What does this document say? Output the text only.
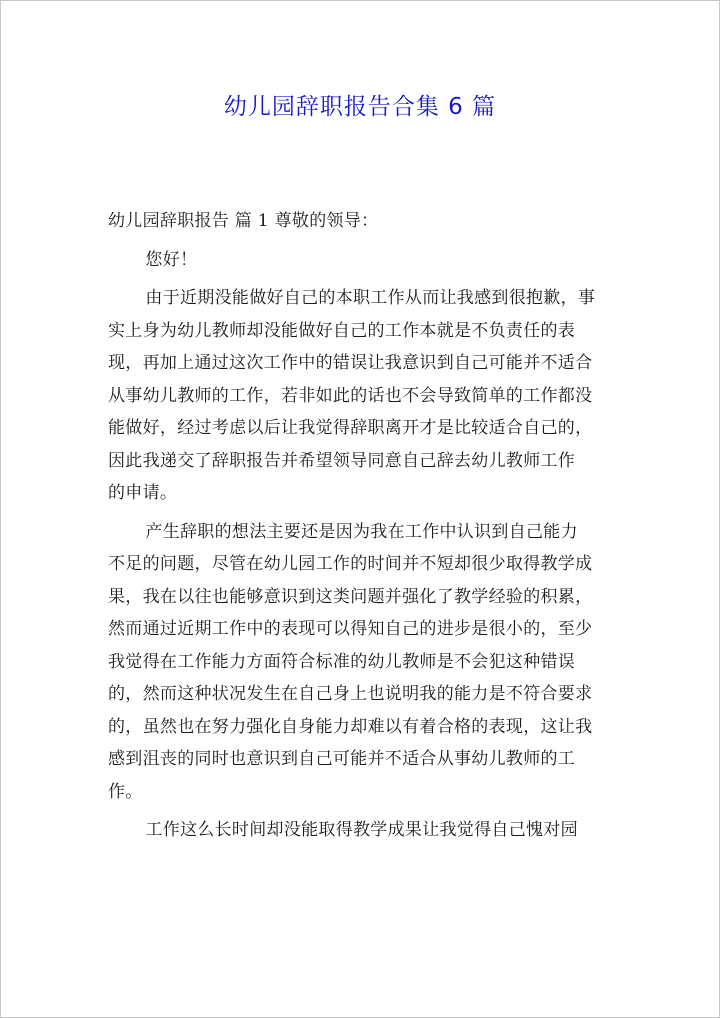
幼儿园辞职报告合集 6 篇

幼儿园辞职报告 篇 1 尊敬的领导：

您好！

由于近期没能做好自己的本职工作从而让我感到很抱歉，事
实上身为幼儿教师却没能做好自己的工作本就是不负责任的表
现，再加上通过这次工作中的错误让我意识到自己可能并不适合
从事幼儿教师的工作，若非如此的话也不会导致简单的工作都没
能做好，经过考虑以后让我觉得辞职离开才是比较适合自己的，
因此我递交了辞职报告并希望领导同意自己辞去幼儿教师工作
的申请。

产生辞职的想法主要还是因为我在工作中认识到自己能力
不足的问题，尽管在幼儿园工作的时间并不短却很少取得教学成
果，我在以往也能够意识到这类问题并强化了教学经验的积累，
然而通过近期工作中的表现可以得知自己的进步是很小的，至少
我觉得在工作能力方面符合标准的幼儿教师是不会犯这种错误
的，然而这种状况发生在自己身上也说明我的能力是不符合要求
的，虽然也在努力强化自身能力却难以有着合格的表现，这让我
感到沮丧的同时也意识到自己可能并不适合从事幼儿教师的工
作。

工作这么长时间却没能取得教学成果让我觉得自己愧对园
